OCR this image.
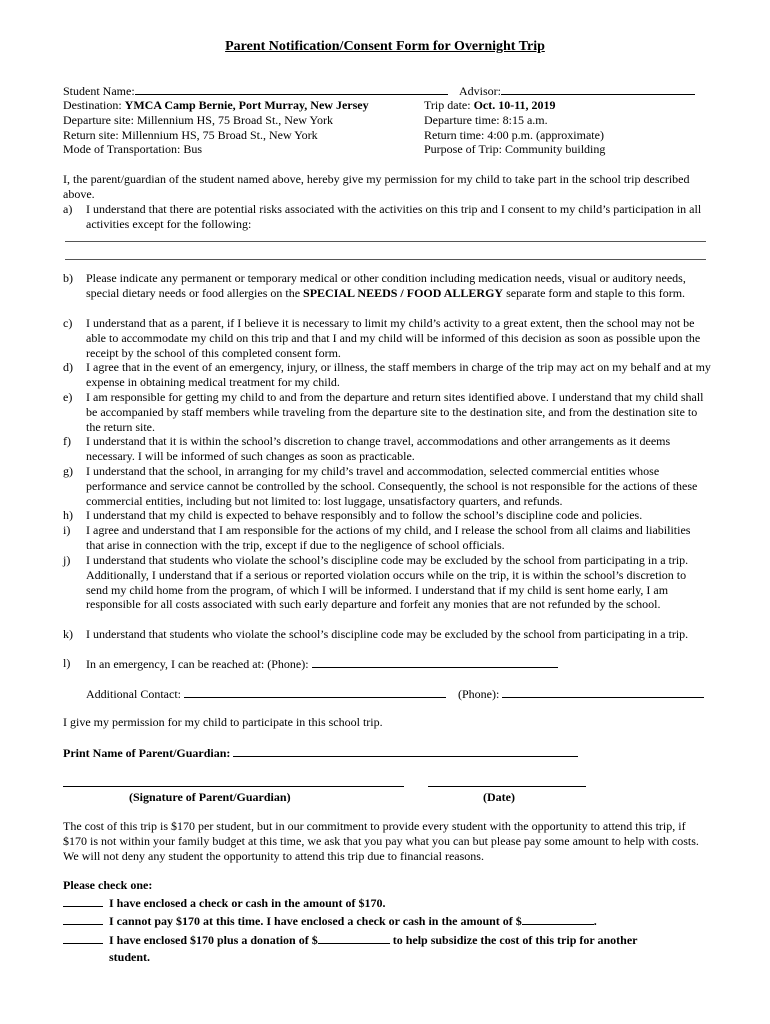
Parent Notification/Consent Form for Overnight Trip
Student Name:	Advisor:
Destination: YMCA Camp Bernie, Port Murray, New Jersey	Trip date: Oct. 10-11, 2019
Departure site: Millennium HS, 75 Broad St., New York	Departure time: 8:15 a.m.
Return site: Millennium HS, 75 Broad St., New York	Return time: 4:00 p.m. (approximate)
Mode of Transportation: Bus	Purpose of Trip: Community building
I, the parent/guardian of the student named above, hereby give my permission for my child to take part in the school trip described above.
a)	I understand that there are potential risks associated with the activities on this trip and I consent to my child’s participation in all activities except for the following:
b)	Please indicate any permanent or temporary medical or other condition including medication needs, visual or auditory needs, special dietary needs or food allergies on the SPECIAL NEEDS / FOOD ALLERGY separate form and staple to this form.
c)	I understand that as a parent, if I believe it is necessary to limit my child’s activity to a great extent, then the school may not be able to accommodate my child on this trip and that I and my child will be informed of this decision as soon as possible upon the receipt by the school of this completed consent form.
d)	I agree that in the event of an emergency, injury, or illness, the staff members in charge of the trip may act on my behalf and at my expense in obtaining medical treatment for my child.
e)	I am responsible for getting my child to and from the departure and return sites identified above. I understand that my child shall be accompanied by staff members while traveling from the departure site to the destination site, and from the destination site to the return site.
f)	I understand that it is within the school’s discretion to change travel, accommodations and other arrangements as it deems necessary. I will be informed of such changes as soon as practicable.
g)	I understand that the school, in arranging for my child’s travel and accommodation, selected commercial entities whose performance and service cannot be controlled by the school. Consequently, the school is not responsible for the actions of these commercial entities, including but not limited to: lost luggage, unsatisfactory quarters, and refunds.
h)	I understand that my child is expected to behave responsibly and to follow the school’s discipline code and policies.
i)	I agree and understand that I am responsible for the actions of my child, and I release the school from all claims and liabilities that arise in connection with the trip, except if due to the negligence of school officials.
j)	I understand that students who violate the school’s discipline code may be excluded by the school from participating in a trip. Additionally, I understand that if a serious or reported violation occurs while on the trip, it is within the school’s discretion to send my child home from the program, of which I will be informed. I understand that if my child is sent home early, I am responsible for all costs associated with such early departure and forfeit any monies that are not refunded by the school.
k)	I understand that students who violate the school’s discipline code may be excluded by the school from participating in a trip.
l)	In an emergency, I can be reached at: (Phone):
Additional Contact:	(Phone):
I give my permission for my child to participate in this school trip.
Print Name of Parent/Guardian:
(Signature of Parent/Guardian)	(Date)
The cost of this trip is $170 per student, but in our commitment to provide every student with the opportunity to attend this trip, if $170 is not within your family budget at this time, we ask that you pay what you can but please pay some amount to help with costs. We will not deny any student the opportunity to attend this trip due to financial reasons.
Please check one:
I have enclosed a check or cash in the amount of $170.
I cannot pay $170 at this time. I have enclosed a check or cash in the amount of $	.
I have enclosed $170 plus a donation of $	to help subsidize the cost of this trip for another
student.
